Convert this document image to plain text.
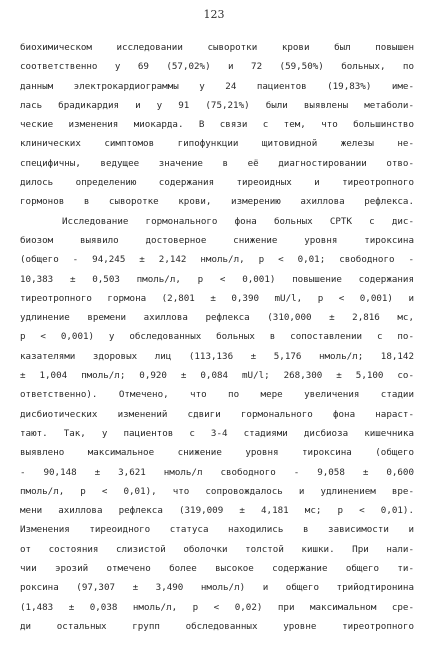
123
биохимическом исследовании сыворотки крови был повышен
соответственно у 69 (57,02%) и 72 (59,50%) больных, по
данным электрокардиограммы у 24 пациентов (19,83%) име-
лась брадикардия и у 91 (75,21%) были выявлены метаболи-
ческие изменения миокарда. В связи с тем, что большинство
клинических симптомов гипофункции щитовидной железы не-
специфичны, ведущее значение в её диагностировании отво-
дилось определению содержания тиреоидных и тиреотропного
гормонов в сыворотке крови, измерению ахиллова рефлекса.
Исследование гормонального фона больных СРТК с дис-
биозом выявило достоверное снижение уровня тироксина
(общего - 94,245 ± 2,142 нмоль/л, p < 0,01; свободного -
10,383 ± 0,503 пмоль/л, p < 0,001) повышение содержания
тиреотропного гормона (2,801 ± 0,390 mU/l, p < 0,001) и
удлинение времени ахиллова рефлекса (310,000 ± 2,816 мс,
p < 0,001) у обследованных больных в сопоставлении с по-
казателями здоровых лиц (113,136 ± 5,176 нмоль/л; 18,142
± 1,004 пмоль/л; 0,920 ± 0,084 mU/l; 268,300 ± 5,100 со-
ответственно). Отмечено, что по мере увеличения стадии
дисбиотических изменений сдвиги гормонального фона нараст-
тают. Так, у пациентов с 3-4 стадиями дисбиоза кишечника
выявлено максимальное снижение уровня тироксина (общего
- 90,148 ± 3,621 нмоль/л свободного - 9,058 ± 0,600
пмоль/л, p < 0,01), что сопровождалось и удлинением вре-
мени ахиллова рефлекса (319,009 ± 4,181 мс; p < 0,01).
Изменения тиреоидного статуса находились в зависимости и
от состояния слизистой оболочки толстой кишки. При нали-
чии эрозий отмечено более высокое содержание общего ти-
роксина (97,307 ± 3,490 нмоль/л) и общего трийодтиронина
(1,483 ± 0,038 нмоль/л, p < 0,02) при максимальном сре-
ди остальных групп обследованных уровне тиреотропного
